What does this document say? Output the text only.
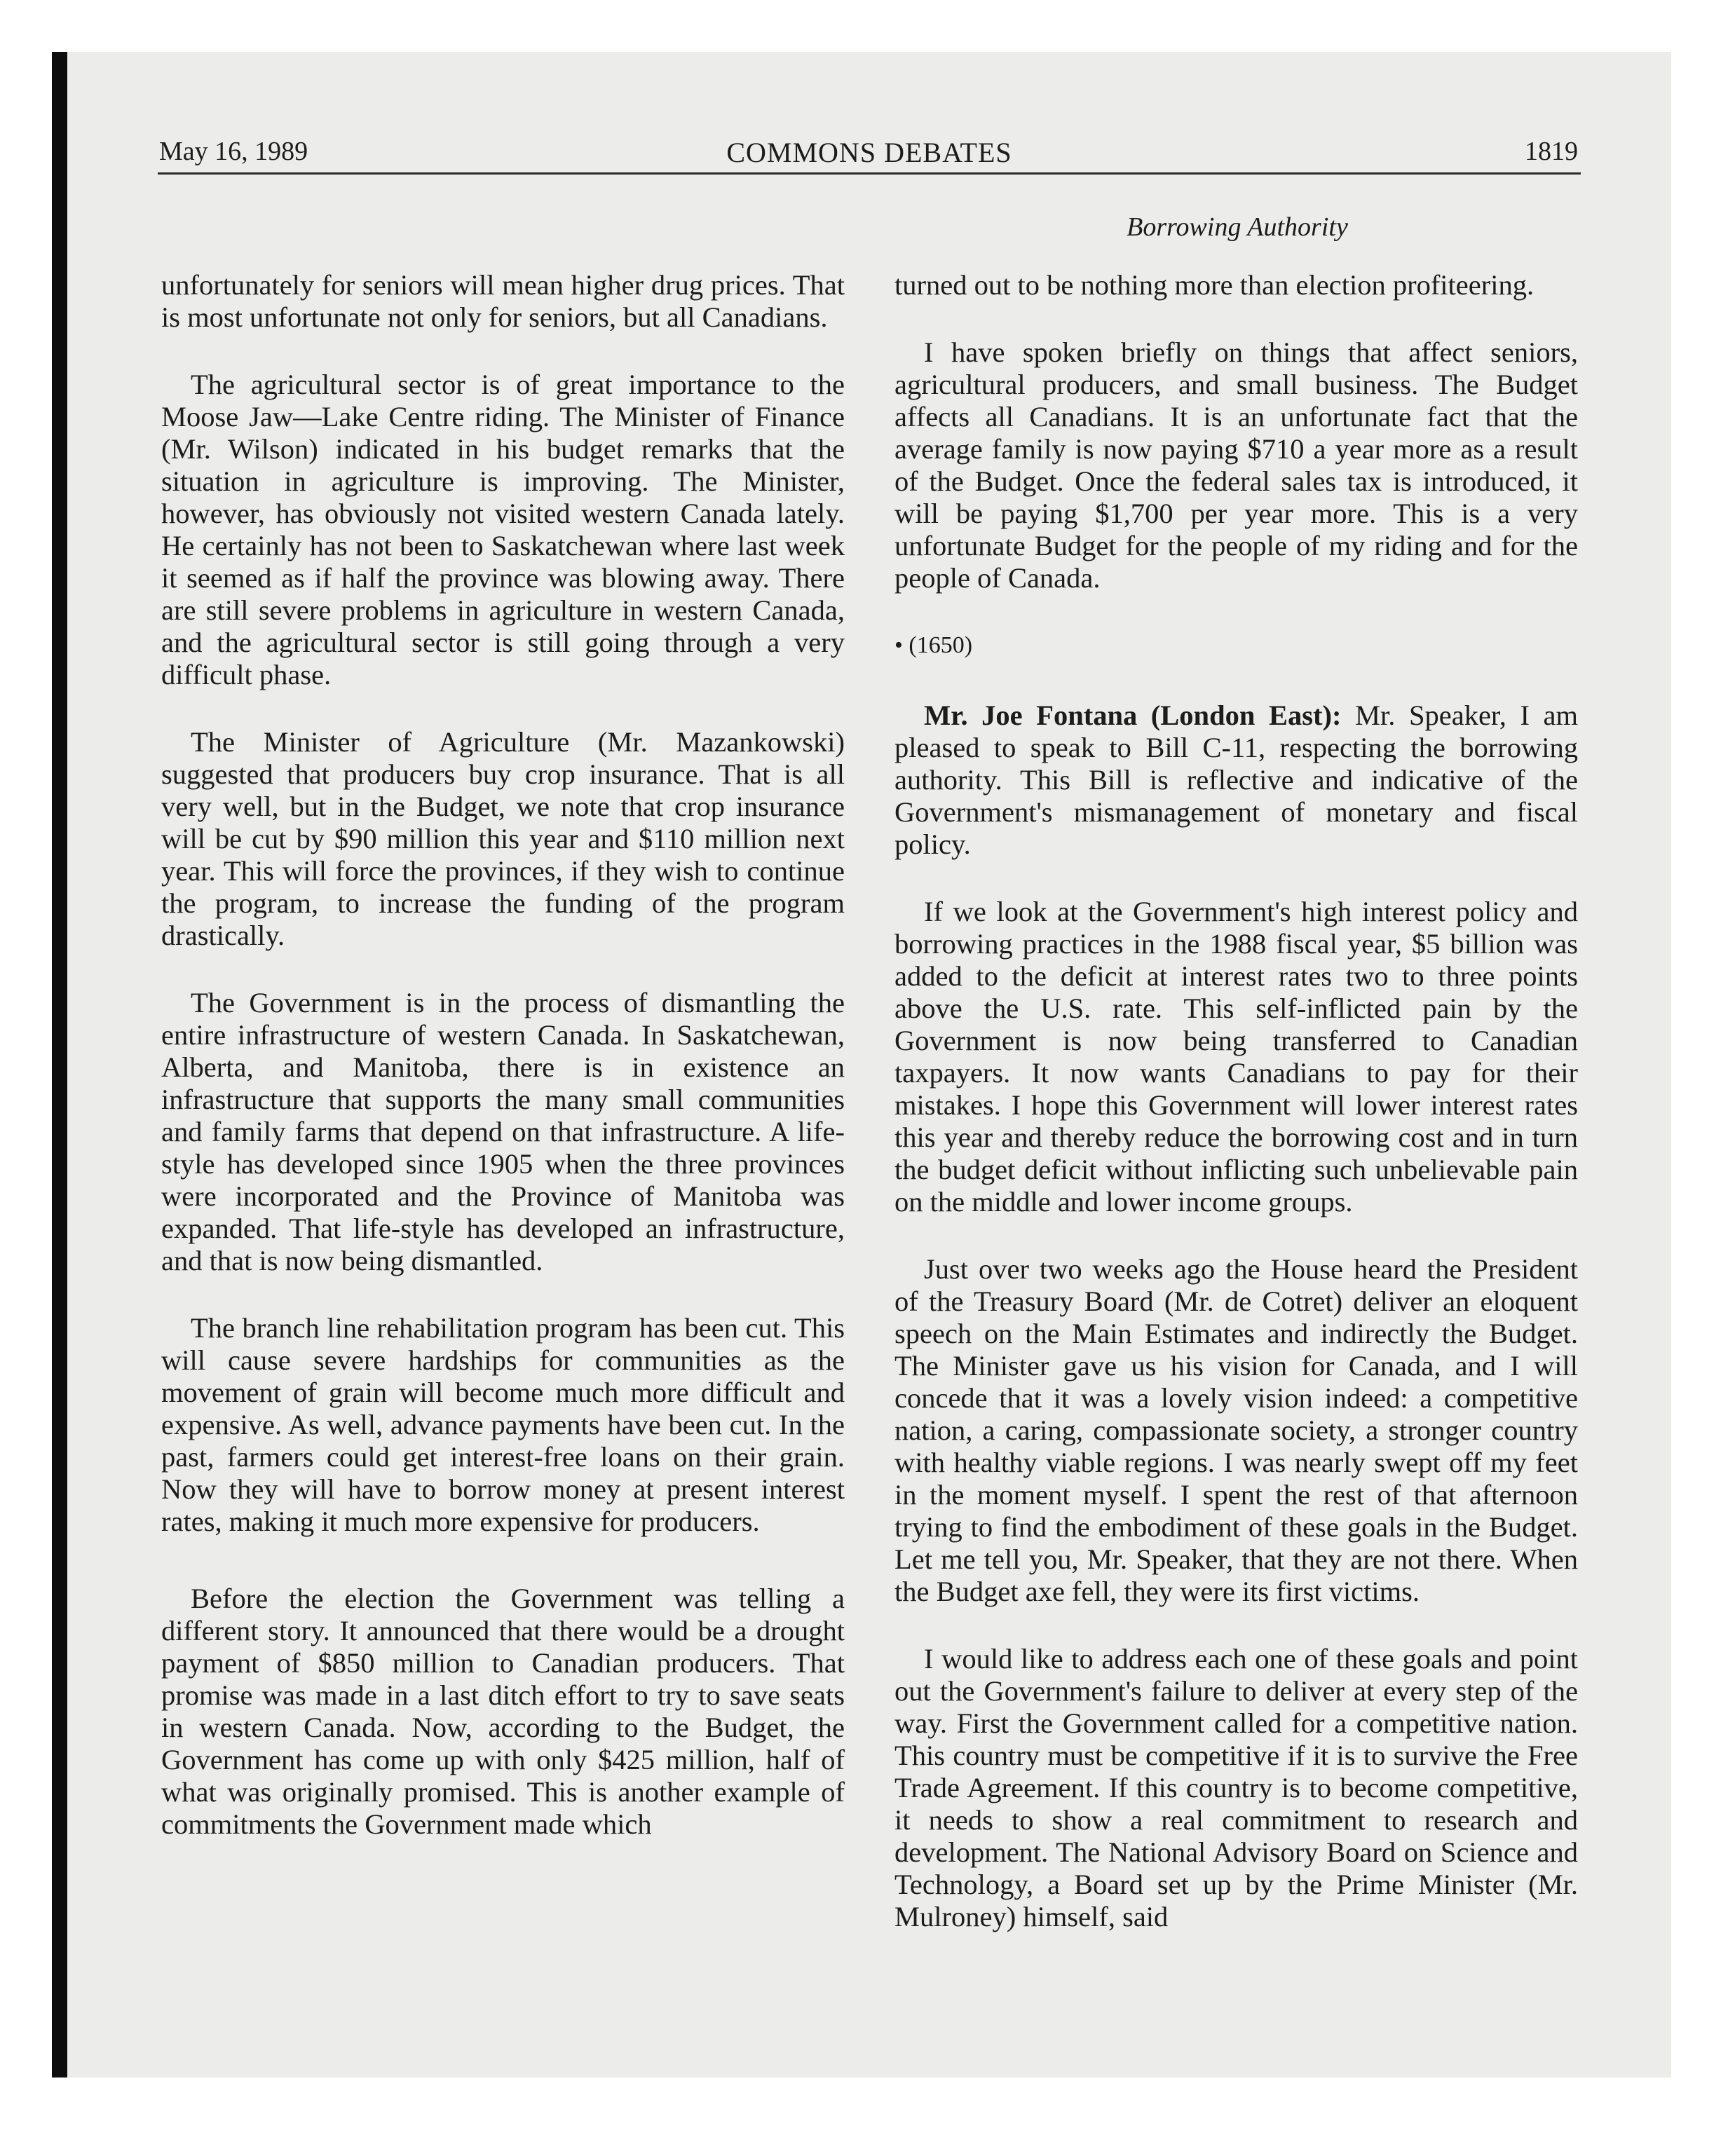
May 16, 1989	COMMONS DEBATES	1819
Borrowing Authority

unfortunately for seniors will mean higher drug prices. That is most unfortunate not only for seniors, but all Canadians.

The agricultural sector is of great importance to the Moose Jaw—Lake Centre riding. The Minister of Finance (Mr. Wilson) indicated in his budget remarks that the situation in agriculture is improving. The Minister, however, has obviously not visited western Canada lately. He certainly has not been to Saskatchewan where last week it seemed as if half the province was blowing away. There are still severe problems in agriculture in western Canada, and the agricultural sector is still going through a very difficult phase.

The Minister of Agriculture (Mr. Mazankowski) suggested that producers buy crop insurance. That is all very well, but in the Budget, we note that crop insurance will be cut by $90 million this year and $110 million next year. This will force the provinces, if they wish to continue the program, to increase the funding of the program drastically.

The Government is in the process of dismantling the entire infrastructure of western Canada. In Saskatchewan, Alberta, and Manitoba, there is in existence an infrastructure that supports the many small communities and family farms that depend on that infrastructure. A life-style has developed since 1905 when the three provinces were incorporated and the Province of Manitoba was expanded. That life-style has developed an infrastructure, and that is now being dismantled.

The branch line rehabilitation program has been cut. This will cause severe hardships for communities as the movement of grain will become much more difficult and expensive. As well, advance payments have been cut. In the past, farmers could get interest-free loans on their grain. Now they will have to borrow money at present interest rates, making it much more expensive for producers.

Before the election the Government was telling a different story. It announced that there would be a drought payment of $850 million to Canadian producers. That promise was made in a last ditch effort to try to save seats in western Canada. Now, according to the Budget, the Government has come up with only $425 million, half of what was originally promised. This is another example of commitments the Government made which

turned out to be nothing more than election profiteering.

I have spoken briefly on things that affect seniors, agricultural producers, and small business. The Budget affects all Canadians. It is an unfortunate fact that the average family is now paying $710 a year more as a result of the Budget. Once the federal sales tax is introduced, it will be paying $1,700 per year more. This is a very unfortunate Budget for the people of my riding and for the people of Canada.

• (1650)

Mr. Joe Fontana (London East): Mr. Speaker, I am pleased to speak to Bill C-11, respecting the borrowing authority. This Bill is reflective and indicative of the Government's mismanagement of monetary and fiscal policy.

If we look at the Government's high interest policy and borrowing practices in the 1988 fiscal year, $5 billion was added to the deficit at interest rates two to three points above the U.S. rate. This self-inflicted pain by the Government is now being transferred to Canadian taxpayers. It now wants Canadians to pay for their mistakes. I hope this Government will lower interest rates this year and thereby reduce the borrowing cost and in turn the budget deficit without inflicting such unbelievable pain on the middle and lower income groups.

Just over two weeks ago the House heard the President of the Treasury Board (Mr. de Cotret) deliver an eloquent speech on the Main Estimates and indirectly the Budget. The Minister gave us his vision for Canada, and I will concede that it was a lovely vision indeed: a competitive nation, a caring, compassionate society, a stronger country with healthy viable regions. I was nearly swept off my feet in the moment myself. I spent the rest of that afternoon trying to find the embodiment of these goals in the Budget. Let me tell you, Mr. Speaker, that they are not there. When the Budget axe fell, they were its first victims.

I would like to address each one of these goals and point out the Government's failure to deliver at every step of the way. First the Government called for a competitive nation. This country must be competitive if it is to survive the Free Trade Agreement. If this country is to become competitive, it needs to show a real commitment to research and development. The National Advisory Board on Science and Technology, a Board set up by the Prime Minister (Mr. Mulroney) himself, said
